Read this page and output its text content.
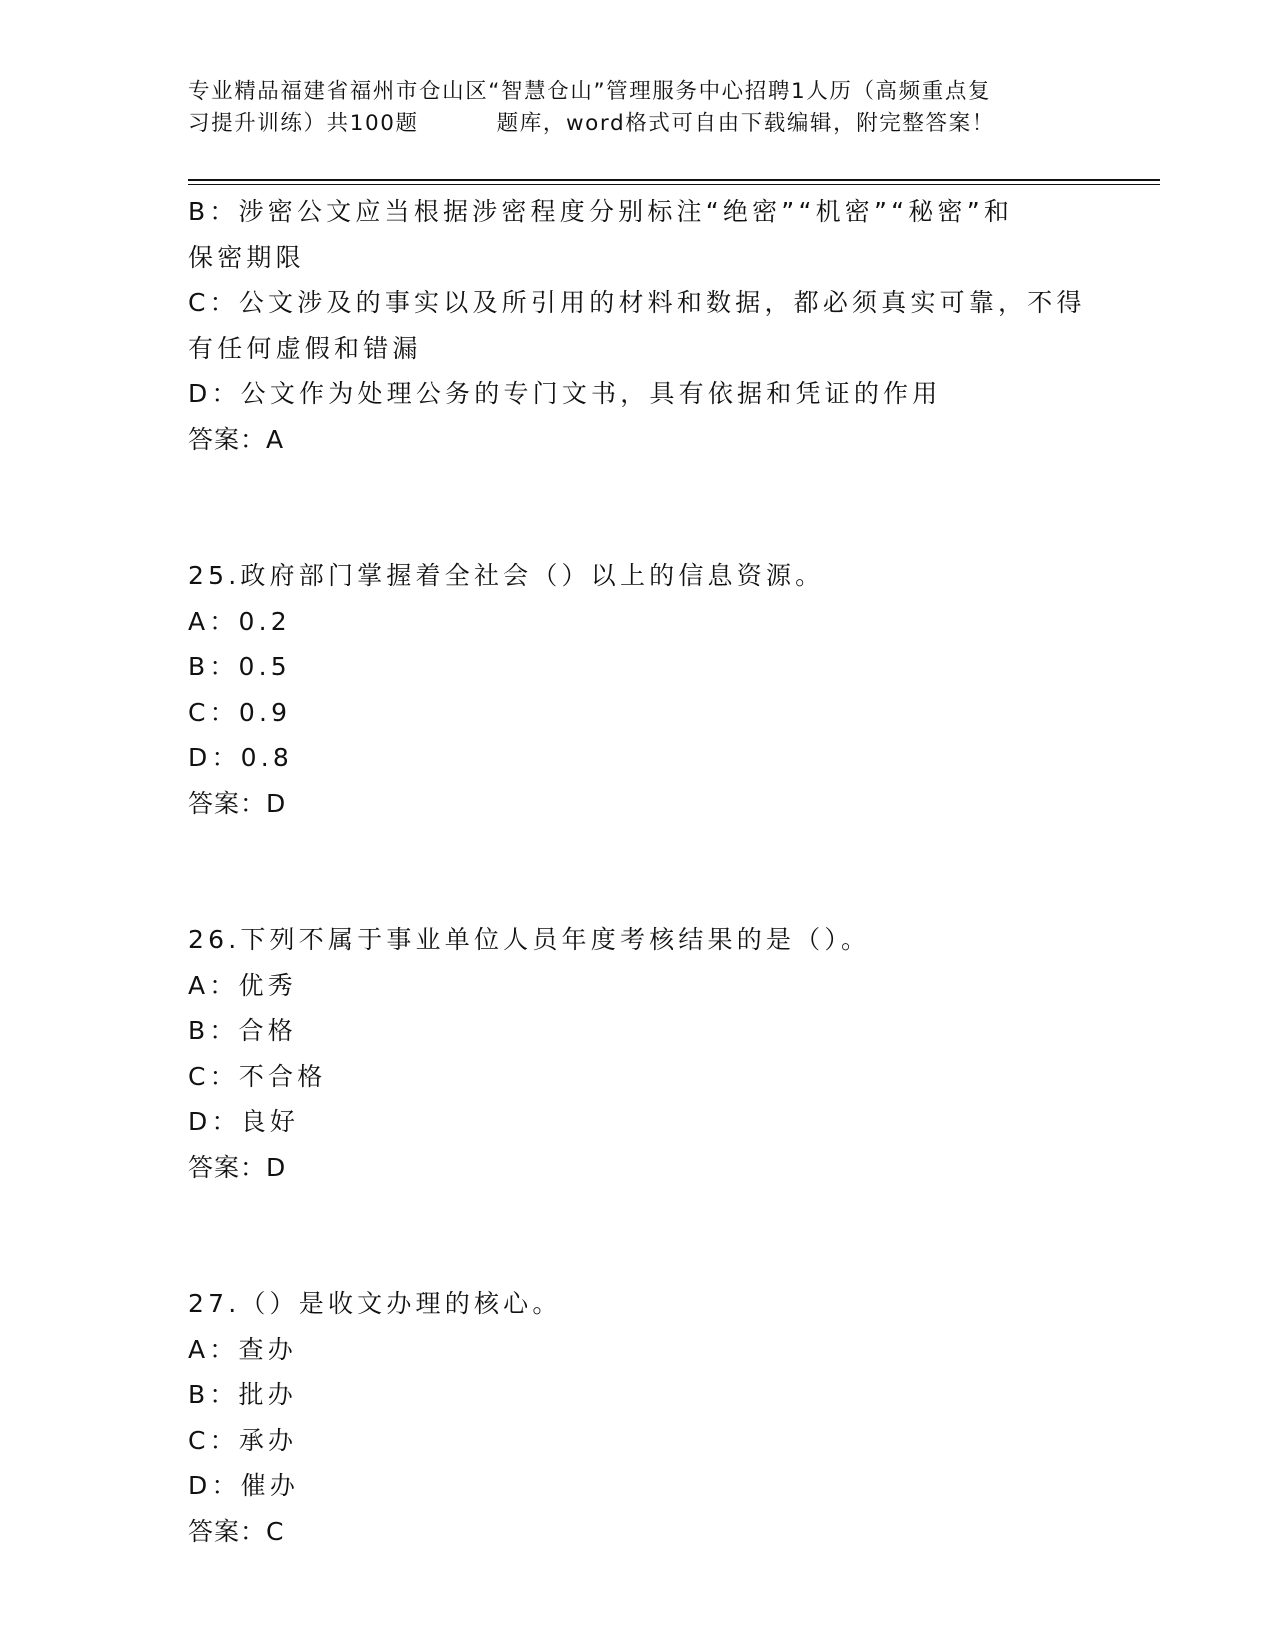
专业精品福建省福州市仓山区“智慧仓山”管理服务中心招聘1人历（高频重点复
习提升训练）共100题	题库，word格式可自由下载编辑，附完整答案！
B：涉密公文应当根据涉密程度分别标注“绝密”“机密”“秘密”和
保密期限
C：公文涉及的事实以及所引用的材料和数据，都必须真实可靠，不得
有任何虚假和错漏
D：公文作为处理公务的专门文书，具有依据和凭证的作用
答案：A
25.政府部门掌握着全社会（）以上的信息资源。
A：0.2
B：0.5
C：0.9
D：0.8
答案：D
26.下列不属于事业单位人员年度考核结果的是（）。
A：优秀
B：合格
C：不合格
D：良好
答案：D
27.（）是收文办理的核心。
A：查办
B：批办
C：承办
D：催办
答案：C
